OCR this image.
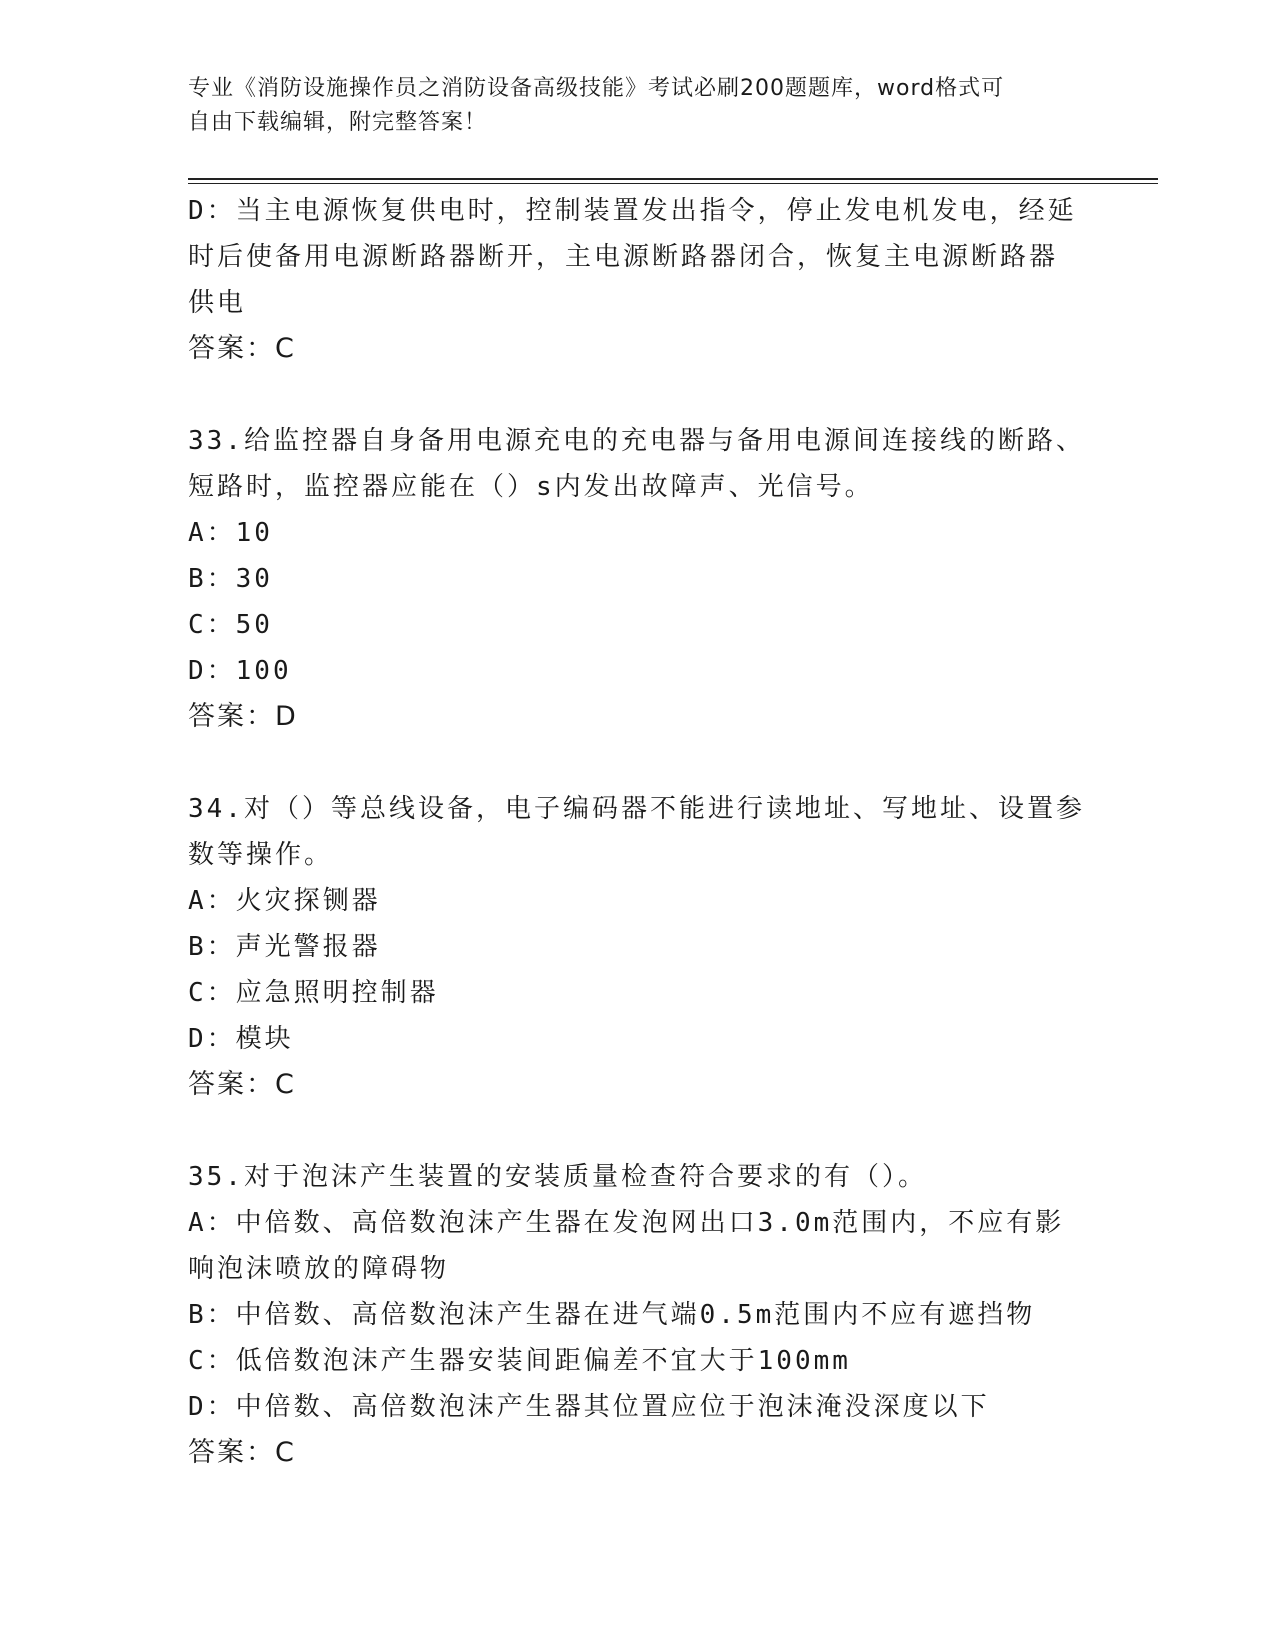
专业《消防设施操作员之消防设备高级技能》考试必刷200题题库，word格式可
自由下载编辑，附完整答案！
D：当主电源恢复供电时，控制装置发出指令，停止发电机发电，经延
时后使备用电源断路器断开，主电源断路器闭合，恢复主电源断路器
供电
答案：C
33.给监控器自身备用电源充电的充电器与备用电源间连接线的断路、
短路时，监控器应能在（）s内发出故障声、光信号。
A：10
B：30
C：50
D：100
答案：D
34.对（）等总线设备，电子编码器不能进行读地址、写地址、设置参
数等操作。
A：火灾探铡器
B：声光警报器
C：应急照明控制器
D：模块
答案：C
35.对于泡沫产生装置的安装质量检查符合要求的有（）。
A：中倍数、高倍数泡沫产生器在发泡网出口3.0m范围内，不应有影
响泡沫喷放的障碍物
B：中倍数、高倍数泡沫产生器在进气端0.5m范围内不应有遮挡物
C：低倍数泡沫产生器安装间距偏差不宜大于100mm
D：中倍数、高倍数泡沫产生器其位置应位于泡沫淹没深度以下
答案：C
